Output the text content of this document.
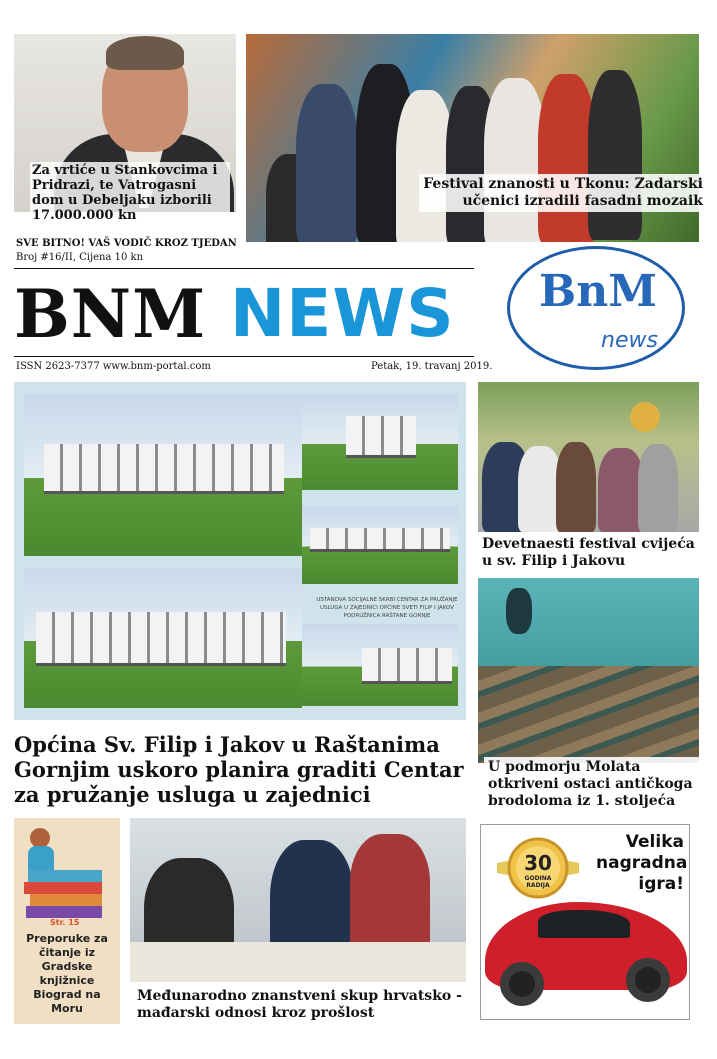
Za vrtiće u Stankovcima i Pridrazi, te Vatrogasni dom u Debeljaku izborili 17.000.000 kn
Festival znanosti u Tkonu: Zadarski
učenici izradili fasadni mozaik
SVE BITNO! VAŠ VODIČ KROZ TJEDAN
Broj #16/II, Cijena 10 kn
BNM NEWS
ISSN 2623-7377 www.bnm-portal.com	Petak, 19. travanj 2019.
BnM
news
USTANOVA SOCIJALNE SKRBI CENTAR ZA PRUŽANJE USLUGA U ZAJEDNICI OPĆINE SVETI FILIP I JAKOV PODRUŽNICA RAŠTANE GORNJE
Općina Sv. Filip i Jakov u Raštanima Gornjim uskoro planira graditi Centar za pružanje usluga u zajednici
Devetnaesti festival cvijeća u sv. Filip i Jakovu
U podmorju Molata otkriveni ostaci antičkoga brodoloma iz 1. stoljeća
Str. 15
Preporuke za čitanje iz Gradske knjižnice Biograd na Moru
Međunarodno znanstveni skup hrvatsko - mađarski odnosi kroz prošlost
30
GODINA
RADIJA
Velika
nagradna
igra!
